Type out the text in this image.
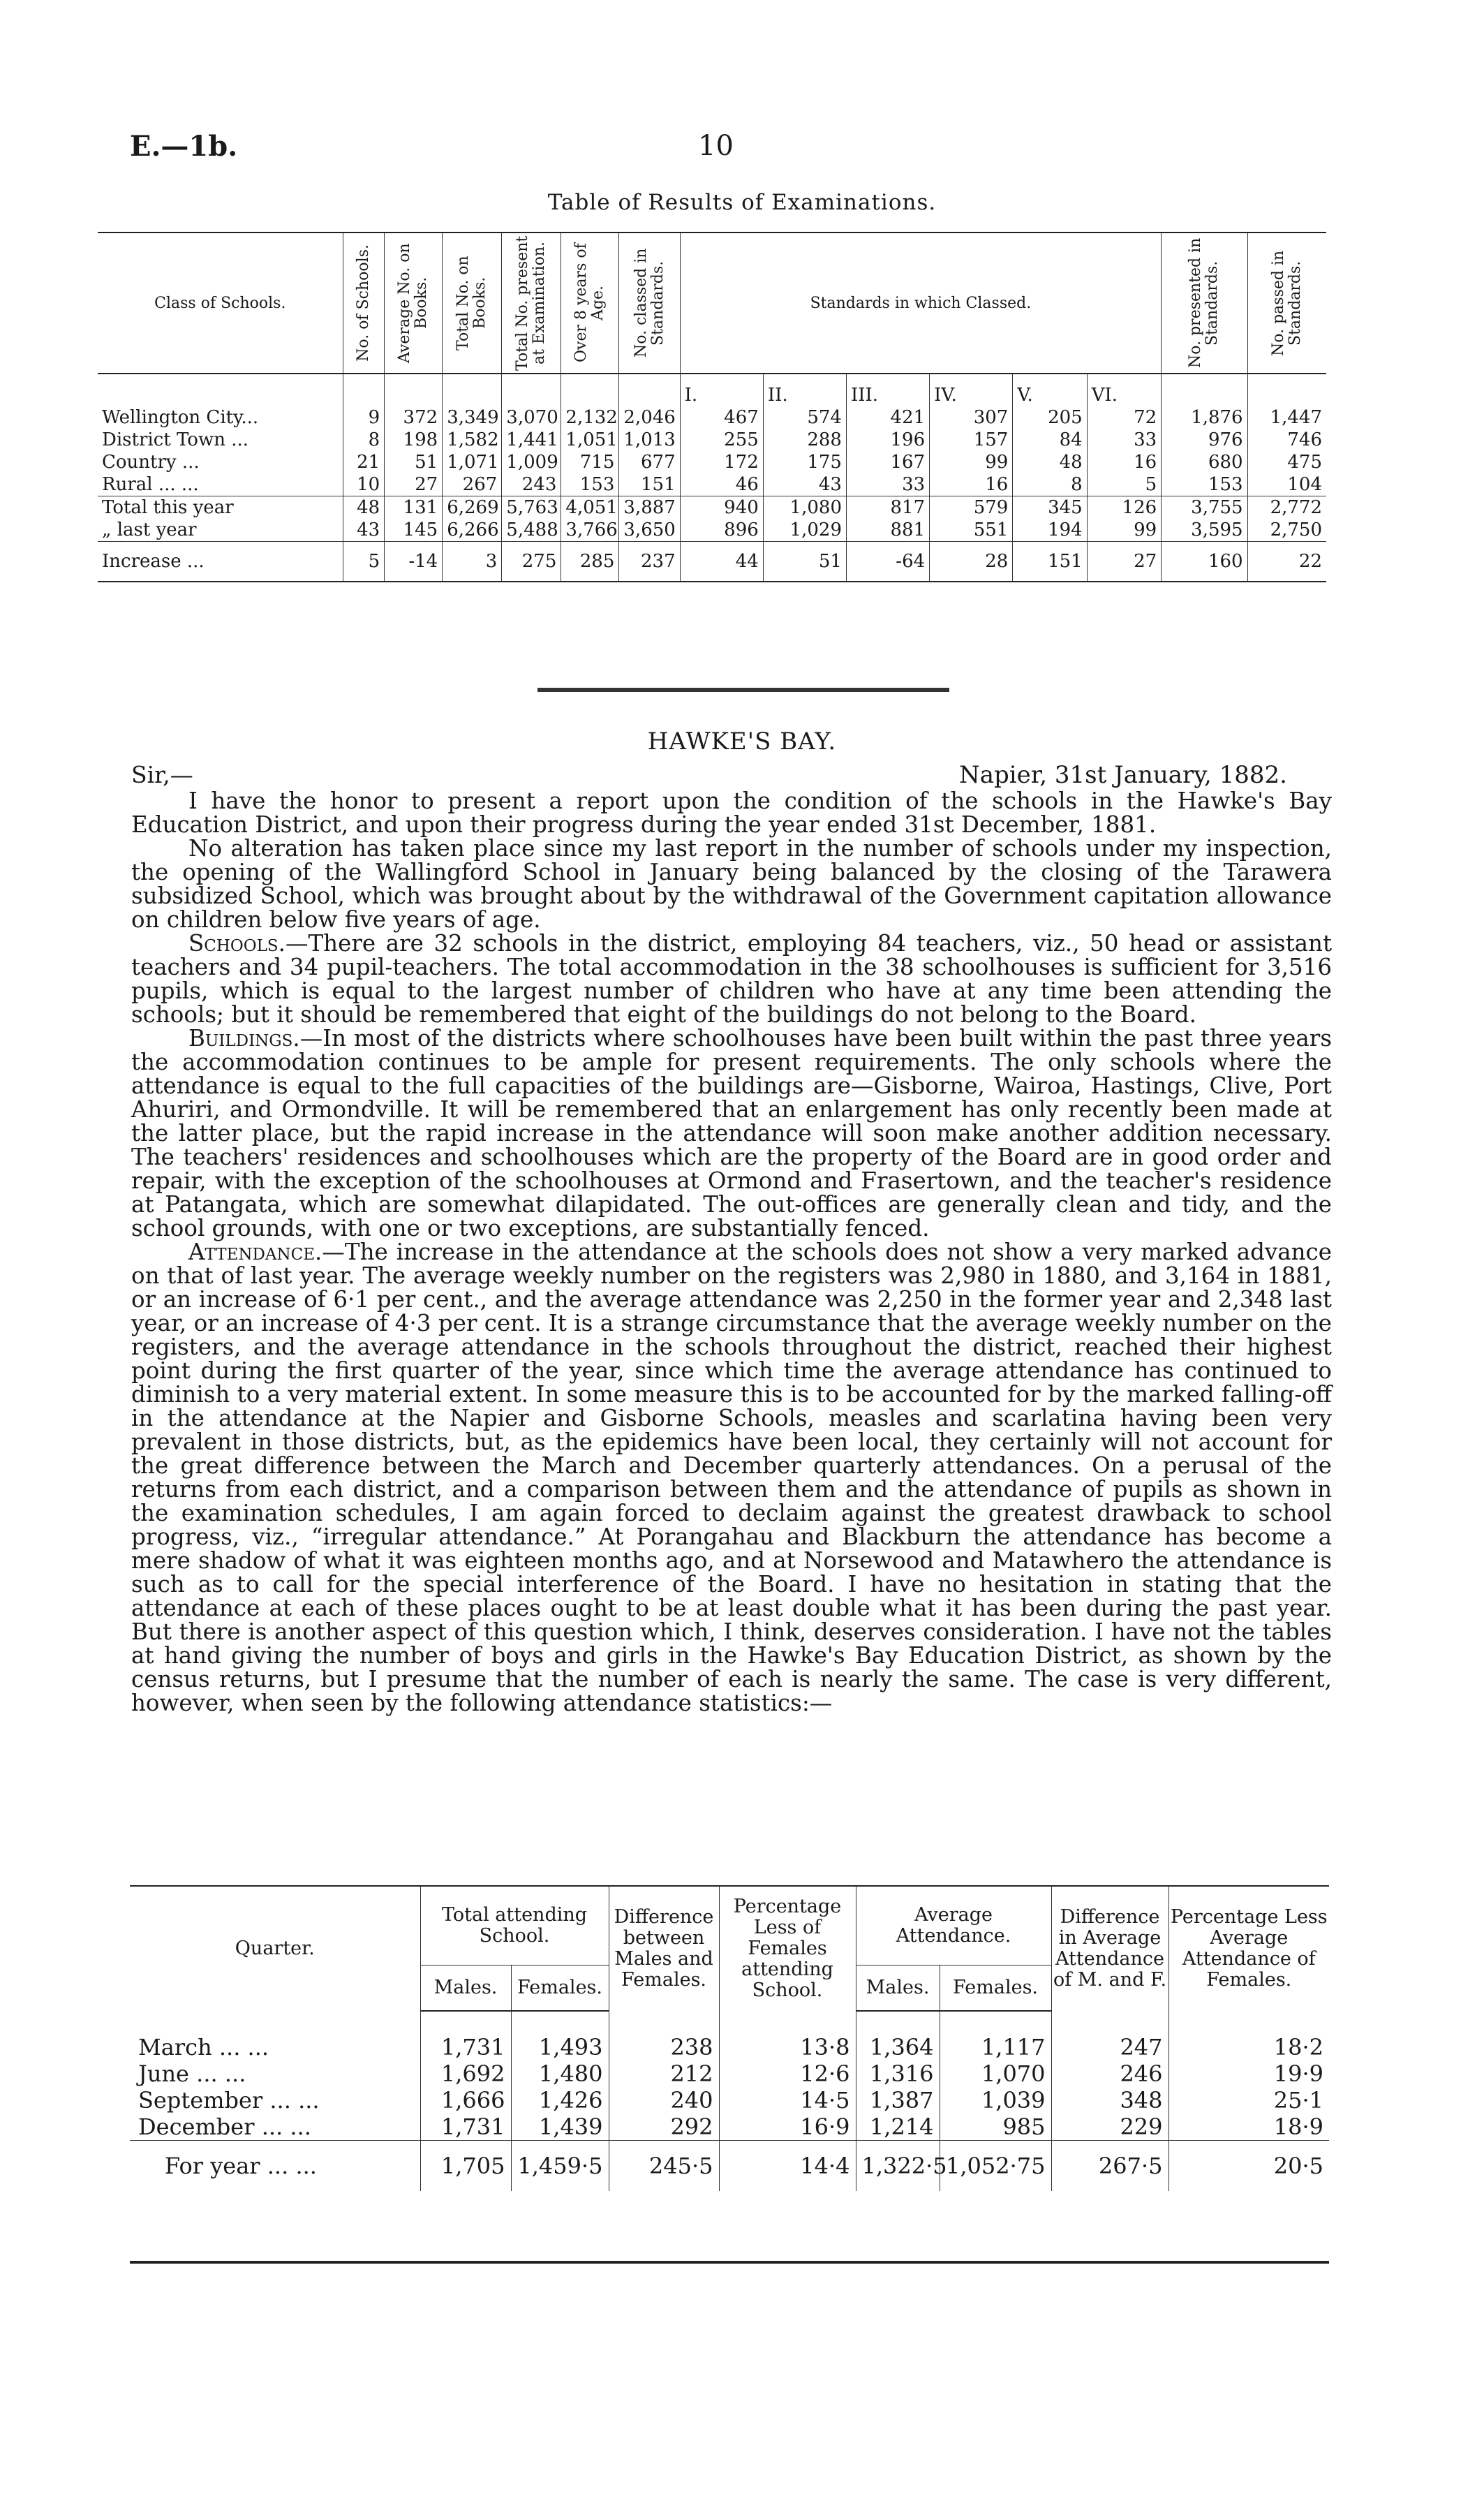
E.—1b.	10
Table of Results of Examinations.
Class of Schools.	No. of Schools.	Average No. on Books.	Total No. on Books.	Total No. present at Examination.	Over 8 years of Age.	No. classed in Standards.	Standards in which Classed.						No. presented in Standards.	No. passed in Standards.

							I.	II.	III.	IV.	V.	VI.		
Wellington City...	9	372	3,349	3,070	2,132	2,046	467	574	421	307	205	72	1,876	1,447
District Town ...	8	198	1,582	1,441	1,051	1,013	255	288	196	157	84	33	976	746
Country ...	21	51	1,071	1,009	715	677	172	175	167	99	48	16	680	475
Rural ... ...	10	27	267	243	153	151	46	43	33	16	8	5	153	104
Total this year	48	131	6,269	5,763	4,051	3,887	940	1,080	817	579	345	126	3,755	2,772
„ last year	43	145	6,266	5,488	3,766	3,650	896	1,029	881	551	194	99	3,595	2,750
Increase ...	5	-14	3	275	285	237	44	51	-64	28	151	27	160	22
HAWKE'S BAY.
Sir,—	Napier, 31st January, 1882.

I have the honor to present a report upon the condition of the schools in the Hawke's Bay Education District, and upon their progress during the year ended 31st December, 1881.

No alteration has taken place since my last report in the number of schools under my inspection, the opening of the Wallingford School in January being balanced by the closing of the Tarawera subsidized School, which was brought about by the withdrawal of the Government capitation allowance on children below five years of age.

Schools.—There are 32 schools in the district, employing 84 teachers, viz., 50 head or assistant teachers and 34 pupil-teachers. The total accommodation in the 38 schoolhouses is sufficient for 3,516 pupils, which is equal to the largest number of children who have at any time been attending the schools; but it should be remembered that eight of the buildings do not belong to the Board.

Buildings.—In most of the districts where schoolhouses have been built within the past three years the accommodation continues to be ample for present requirements. The only schools where the attendance is equal to the full capacities of the buildings are—Gisborne, Wairoa, Hastings, Clive, Port Ahuriri, and Ormondville. It will be remembered that an enlargement has only recently been made at the latter place, but the rapid increase in the attendance will soon make another addition necessary. The teachers' residences and schoolhouses which are the property of the Board are in good order and repair, with the exception of the schoolhouses at Ormond and Frasertown, and the teacher's residence at Patangata, which are somewhat dilapidated. The out-offices are generally clean and tidy, and the school grounds, with one or two exceptions, are substantially fenced.

Attendance.—The increase in the attendance at the schools does not show a very marked advance on that of last year. The average weekly number on the registers was 2,980 in 1880, and 3,164 in 1881, or an increase of 6·1 per cent., and the average attendance was 2,250 in the former year and 2,348 last year, or an increase of 4·3 per cent. It is a strange circumstance that the average weekly number on the registers, and the average attendance in the schools throughout the district, reached their highest point during the first quarter of the year, since which time the average attendance has continued to diminish to a very material extent. In some measure this is to be accounted for by the marked falling-off in the attendance at the Napier and Gisborne Schools, measles and scarlatina having been very prevalent in those districts, but, as the epidemics have been local, they certainly will not account for the great difference between the March and December quarterly attendances. On a perusal of the returns from each district, and a comparison between them and the attendance of pupils as shown in the examination schedules, I am again forced to declaim against the greatest drawback to school progress, viz., “irregular attendance.” At Porangahau and Blackburn the attendance has become a mere shadow of what it was eighteen months ago, and at Norsewood and Matawhero the attendance is such as to call for the special interference of the Board. I have no hesitation in stating that the attendance at each of these places ought to be at least double what it has been during the past year. But there is another aspect of this question which, I think, deserves consideration. I have not the tables at hand giving the number of boys and girls in the Hawke's Bay Education District, as shown by the census returns, but I presume that the number of each is nearly the same. The case is very different, however, when seen by the following attendance statistics:—

Quarter.	Total attending School.		Difference between Males and Females.	Percentage Less of Females attending School.	Average Attendance.		Difference in Average Attendance of M. and F.	Percentage Less Average Attendance of Females.
	Males.	Females.			Males.	Females.		
March ... ...	1,731	1,493	238	13·8	1,364	1,117	247	18·2
June ... ...	1,692	1,480	212	12·6	1,316	1,070	246	19·9
September ... ...	1,666	1,426	240	14·5	1,387	1,039	348	25·1
December ... ...	1,731	1,439	292	16·9	1,214	985	229	18·9
For year ... ...	1,705	1,459·5	245·5	14·4	1,322·5	1,052·75	267·5	20·5
